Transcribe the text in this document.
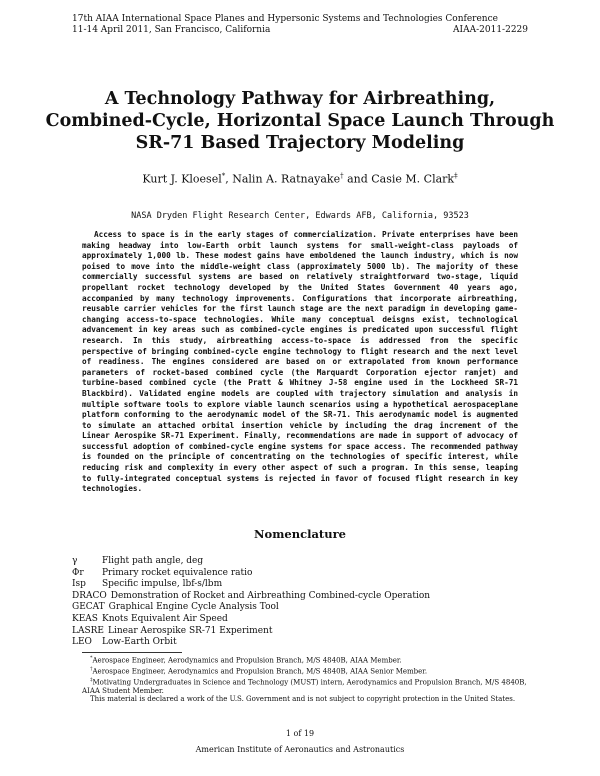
17th AIAA International Space Planes and Hypersonic Systems and Technologies Conference
11-14 April 2011, San Francisco, California	AIAA-2011-2229
A Technology Pathway for Airbreathing,
Combined-Cycle, Horizontal Space Launch Through
SR-71 Based Trajectory Modeling
Kurt J. Kloesel*, Nalin A. Ratnayake† and Casie M. Clark‡
NASA Dryden Flight Research Center, Edwards AFB, California, 93523
Access to space is in the early stages of commercialization. Private enterprises have been making headway into low-Earth orbit launch systems for small-weight-class payloads of approximately 1,000 lb. These modest gains have emboldened the launch industry, which is now poised to move into the middle-weight class (approximately 5000 lb). The majority of these commercially successful systems are based on relatively straightforward two-stage, liquid propellant rocket technology developed by the United States Government 40 years ago, accompanied by many technology improvements. Configurations that incorporate airbreathing, reusable carrier vehicles for the first launch stage are the next paradigm in developing game-changing access-to-space technologies. While many conceptual deisgns exist, technological advancement in key areas such as combined-cycle engines is predicated upon successful flight research. In this study, airbreathing access-to-space is addressed from the specific perspective of bringing combined-cycle engine technology to flight research and the next level of readiness. The engines considered are based on or extrapolated from known performance parameters of rocket-based combined cycle (the Marquardt Corporation ejector ramjet) and turbine-based combined cycle (the Pratt & Whitney J-58 engine used in the Lockheed SR-71 Blackbird). Validated engine models are coupled with trajectory simulation and analysis in multiple software tools to explore viable launch scenarios using a hypothetical aerospaceplane platform conforming to the aerodynamic model of the SR-71. This aerodynamic model is augmented to simulate an attached orbital insertion vehicle by including the drag increment of the Linear Aerospike SR-71 Experiment. Finally, recommendations are made in support of advocacy of successful adoption of combined-cycle engine systems for space access. The recommended pathway is founded on the principle of concentrating on the technologies of specific interest, while reducing risk and complexity in every other aspect of such a program. In this sense, leaping to fully-integrated conceptual systems is rejected in favor of focused flight research in key technologies.
Nomenclature
γ	Flight path angle, deg
Φr	Primary rocket equivalence ratio
Isp	Specific impulse, lbf-s/lbm
DRACO Demonstration of Rocket and Airbreathing Combined-cycle Operation
GECAT Graphical Engine Cycle Analysis Tool
KEAS Knots Equivalent Air Speed
LASRE Linear Aerospike SR-71 Experiment
LEO	Low-Earth Orbit

*Aerospace Engineer, Aerodynamics and Propulsion Branch, M/S 4840B, AIAA Member.

†Aerospace Engineer, Aerodynamics and Propulsion Branch, M/S 4840B, AIAA Senior Member.

‡Motivating Undergraduates in Science and Technology (MUST) intern, Aerodynamics and Propulsion Branch, M/S 4840B, AIAA Student Member.

This material is declared a work of the U.S. Government and is not subject to copyright protection in the United States.

1 of 19
American Institute of Aeronautics and Astronautics
